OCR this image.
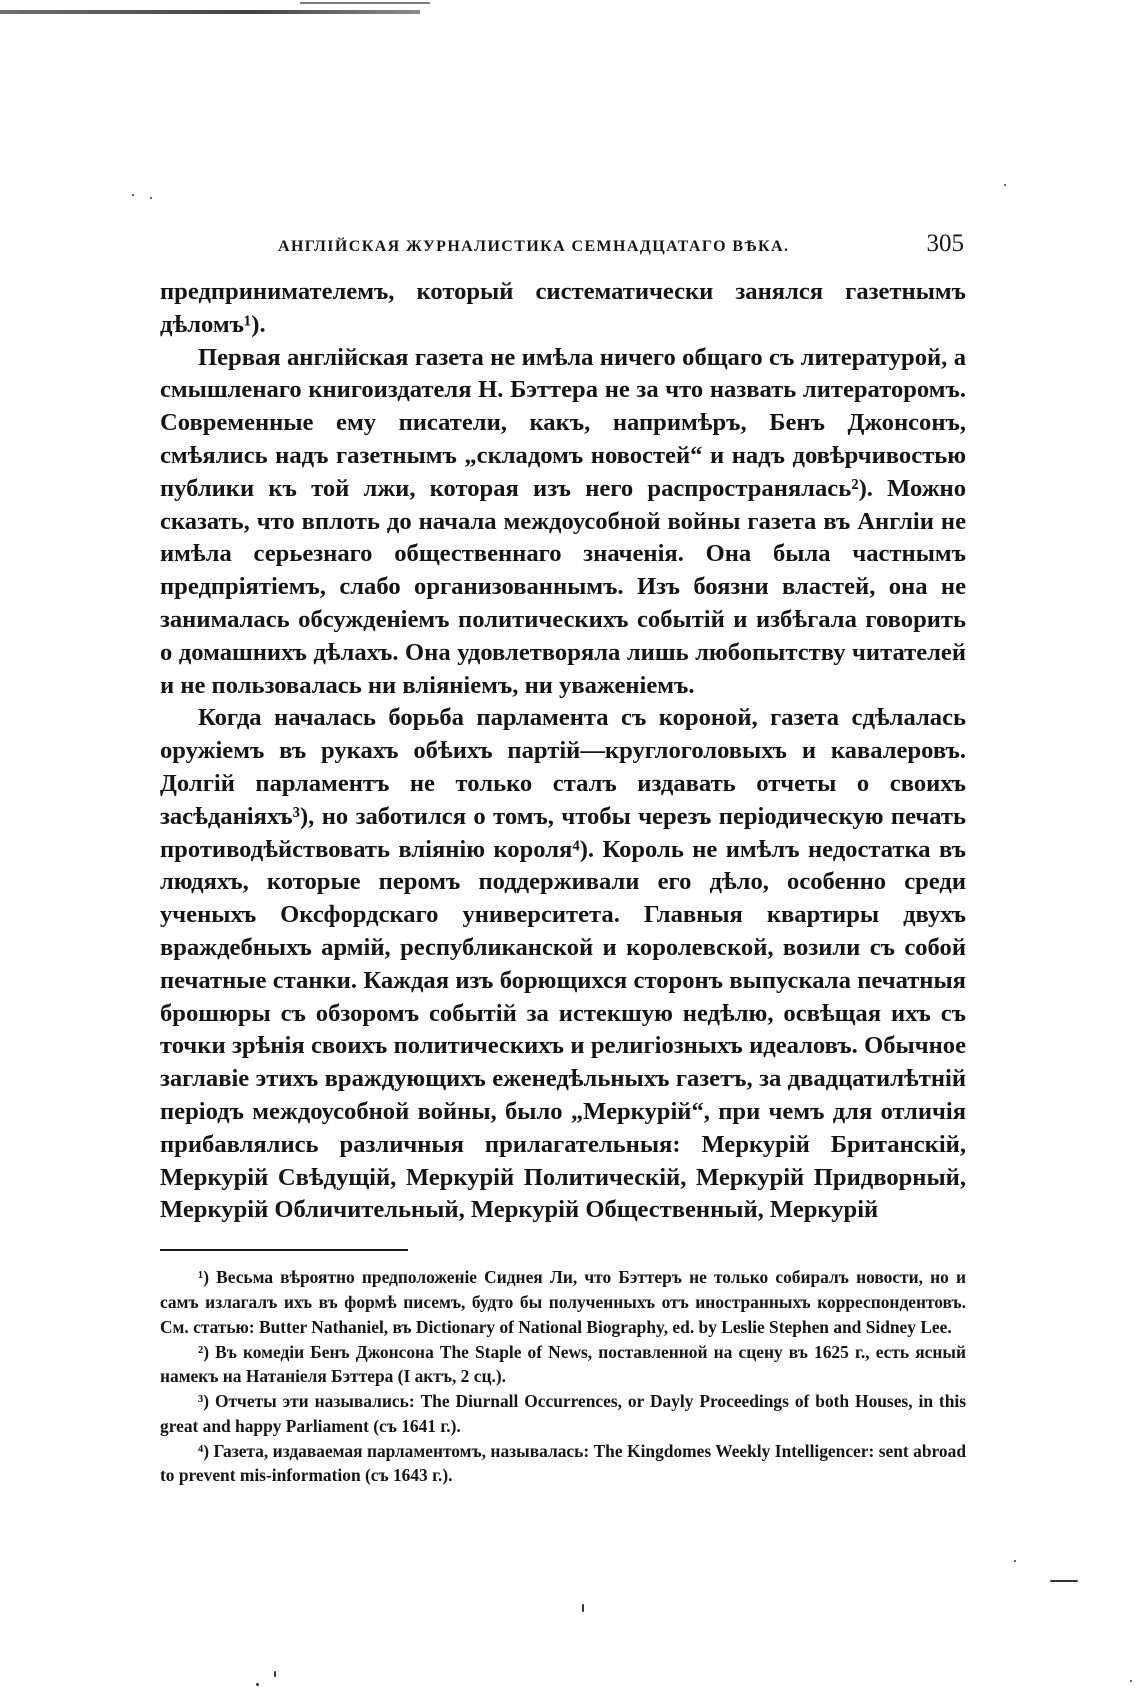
АНГЛІЙСКАЯ ЖУРНАЛИСТИКА СЕМНАДЦАТАГО ВѢКА.	305

предпринимателемъ, который систематически занялся газетнымъ дѣломъ¹).

Первая англійская газета не имѣла ничего общаго съ литературой, а смышленаго книгоиздателя Н. Бэттера не за что назвать литераторомъ. Современные ему писатели, какъ, напримѣръ, Бенъ Джонсонъ, смѣялись надъ газетнымъ „складомъ новостей“ и надъ довѣрчивостью публики къ той лжи, которая изъ него распространялась²). Можно сказать, что вплоть до начала междоусобной войны газета въ Англіи не имѣла серьезнаго общественнаго значенія. Она была частнымъ предпріятіемъ, слабо организованнымъ. Изъ боязни властей, она не занималась обсужденіемъ политическихъ событій и избѣгала говорить о домашнихъ дѣлахъ. Она удовлетворяла лишь любопытству читателей и не пользовалась ни вліяніемъ, ни уваженіемъ.

Когда началась борьба парламента съ короной, газета сдѣлалась оружіемъ въ рукахъ обѣихъ партій—круглоголовыхъ и кавалеровъ. Долгій парламентъ не только сталъ издавать отчеты о своихъ засѣданіяхъ³), но заботился о томъ, чтобы черезъ періодическую печать противодѣйствовать вліянію короля⁴). Король не имѣлъ недостатка въ людяхъ, которые перомъ поддерживали его дѣло, особенно среди ученыхъ Оксфордскаго университета. Главныя квартиры двухъ враждебныхъ армій, республиканской и королевской, возили съ собой печатные станки. Каждая изъ борющихся сторонъ выпускала печатныя брошюры съ обзоромъ событій за истекшую недѣлю, освѣщая ихъ съ точки зрѣнія своихъ политическихъ и религіозныхъ идеаловъ. Обычное заглавіе этихъ враждующихъ еженедѣльныхъ газетъ, за двадцатилѣтній періодъ междоусобной войны, было „Меркурій“, при чемъ для отличія прибавлялись различныя прилагательныя: Меркурій Британскій, Меркурій Свѣдущій, Меркурій Политическій, Меркурій Придворный, Меркурій Обличительный, Меркурій Общественный, Меркурій

¹) Весьма вѣроятно предположеніе Сиднея Ли, что Бэттеръ не только собиралъ новости, но и самъ излагалъ ихъ въ формѣ писемъ, будто бы полученныхъ отъ иностранныхъ корреспондентовъ. См. статью: Butter Nathaniel, въ Dictionary of National Biography, ed. by Leslie Stephen and Sidney Lee.

²) Въ комедіи Бенъ Джонсона The Staple of News, поставленной на сцену въ 1625 г., есть ясный намекъ на Натаніеля Бэттера (I актъ, 2 сц.).

³) Отчеты эти назывались: The Diurnall Occurrences, or Dayly Proceedings of both Houses, in this great and happy Parliament (съ 1641 г.).

⁴) Газета, издаваемая парламентомъ, называлась: The Kingdomes Weekly Intelligencer: sent abroad to prevent mis-information (съ 1643 г.).
